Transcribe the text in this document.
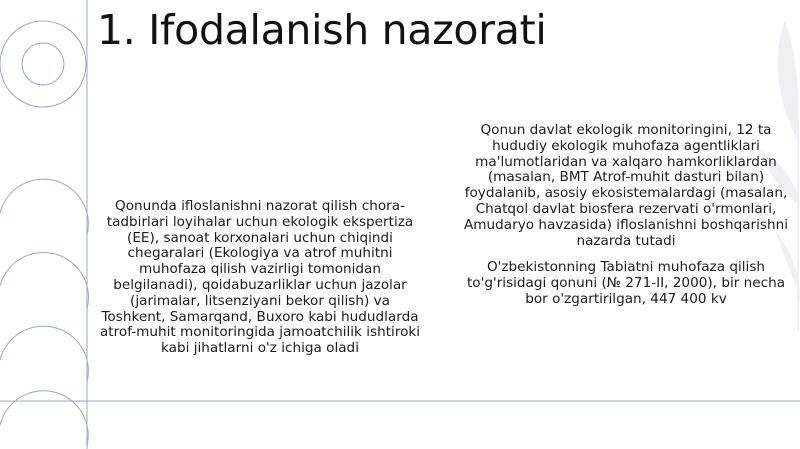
1. Ifodalanish nazorati

Qonunda ifloslanishni nazorat qilish chora-tadbirlari loyihalar uchun ekologik ekspertiza (EE), sanoat korxonalari uchun chiqindi chegaralari (Ekologiya va atrof muhitni muhofaza qilish vazirligi tomonidan belgilanadi), qoidabuzarliklar uchun jazolar (jarimalar, litsenziyani bekor qilish) va Toshkent, Samarqand, Buxoro kabi hududlarda atrof-muhit monitoringida jamoatchilik ishtiroki kabi jihatlarni o'z ichiga oladi

Qonun davlat ekologik monitoringini, 12 ta hududiy ekologik muhofaza agentliklari ma'lumotlaridan va xalqaro hamkorliklardan (masalan, BMT Atrof-muhit dasturi bilan) foydalanib, asosiy ekosistemalardagi (masalan, Chatqol davlat biosfera rezervati o'rmonlari, Amudaryo havzasida) ifloslanishni boshqarishni nazarda tutadi

O'zbekistonning Tabiatni muhofaza qilish to'g'risidagi qonuni (№ 271-II, 2000), bir necha bor o'zgartirilgan, 447 400 kv
